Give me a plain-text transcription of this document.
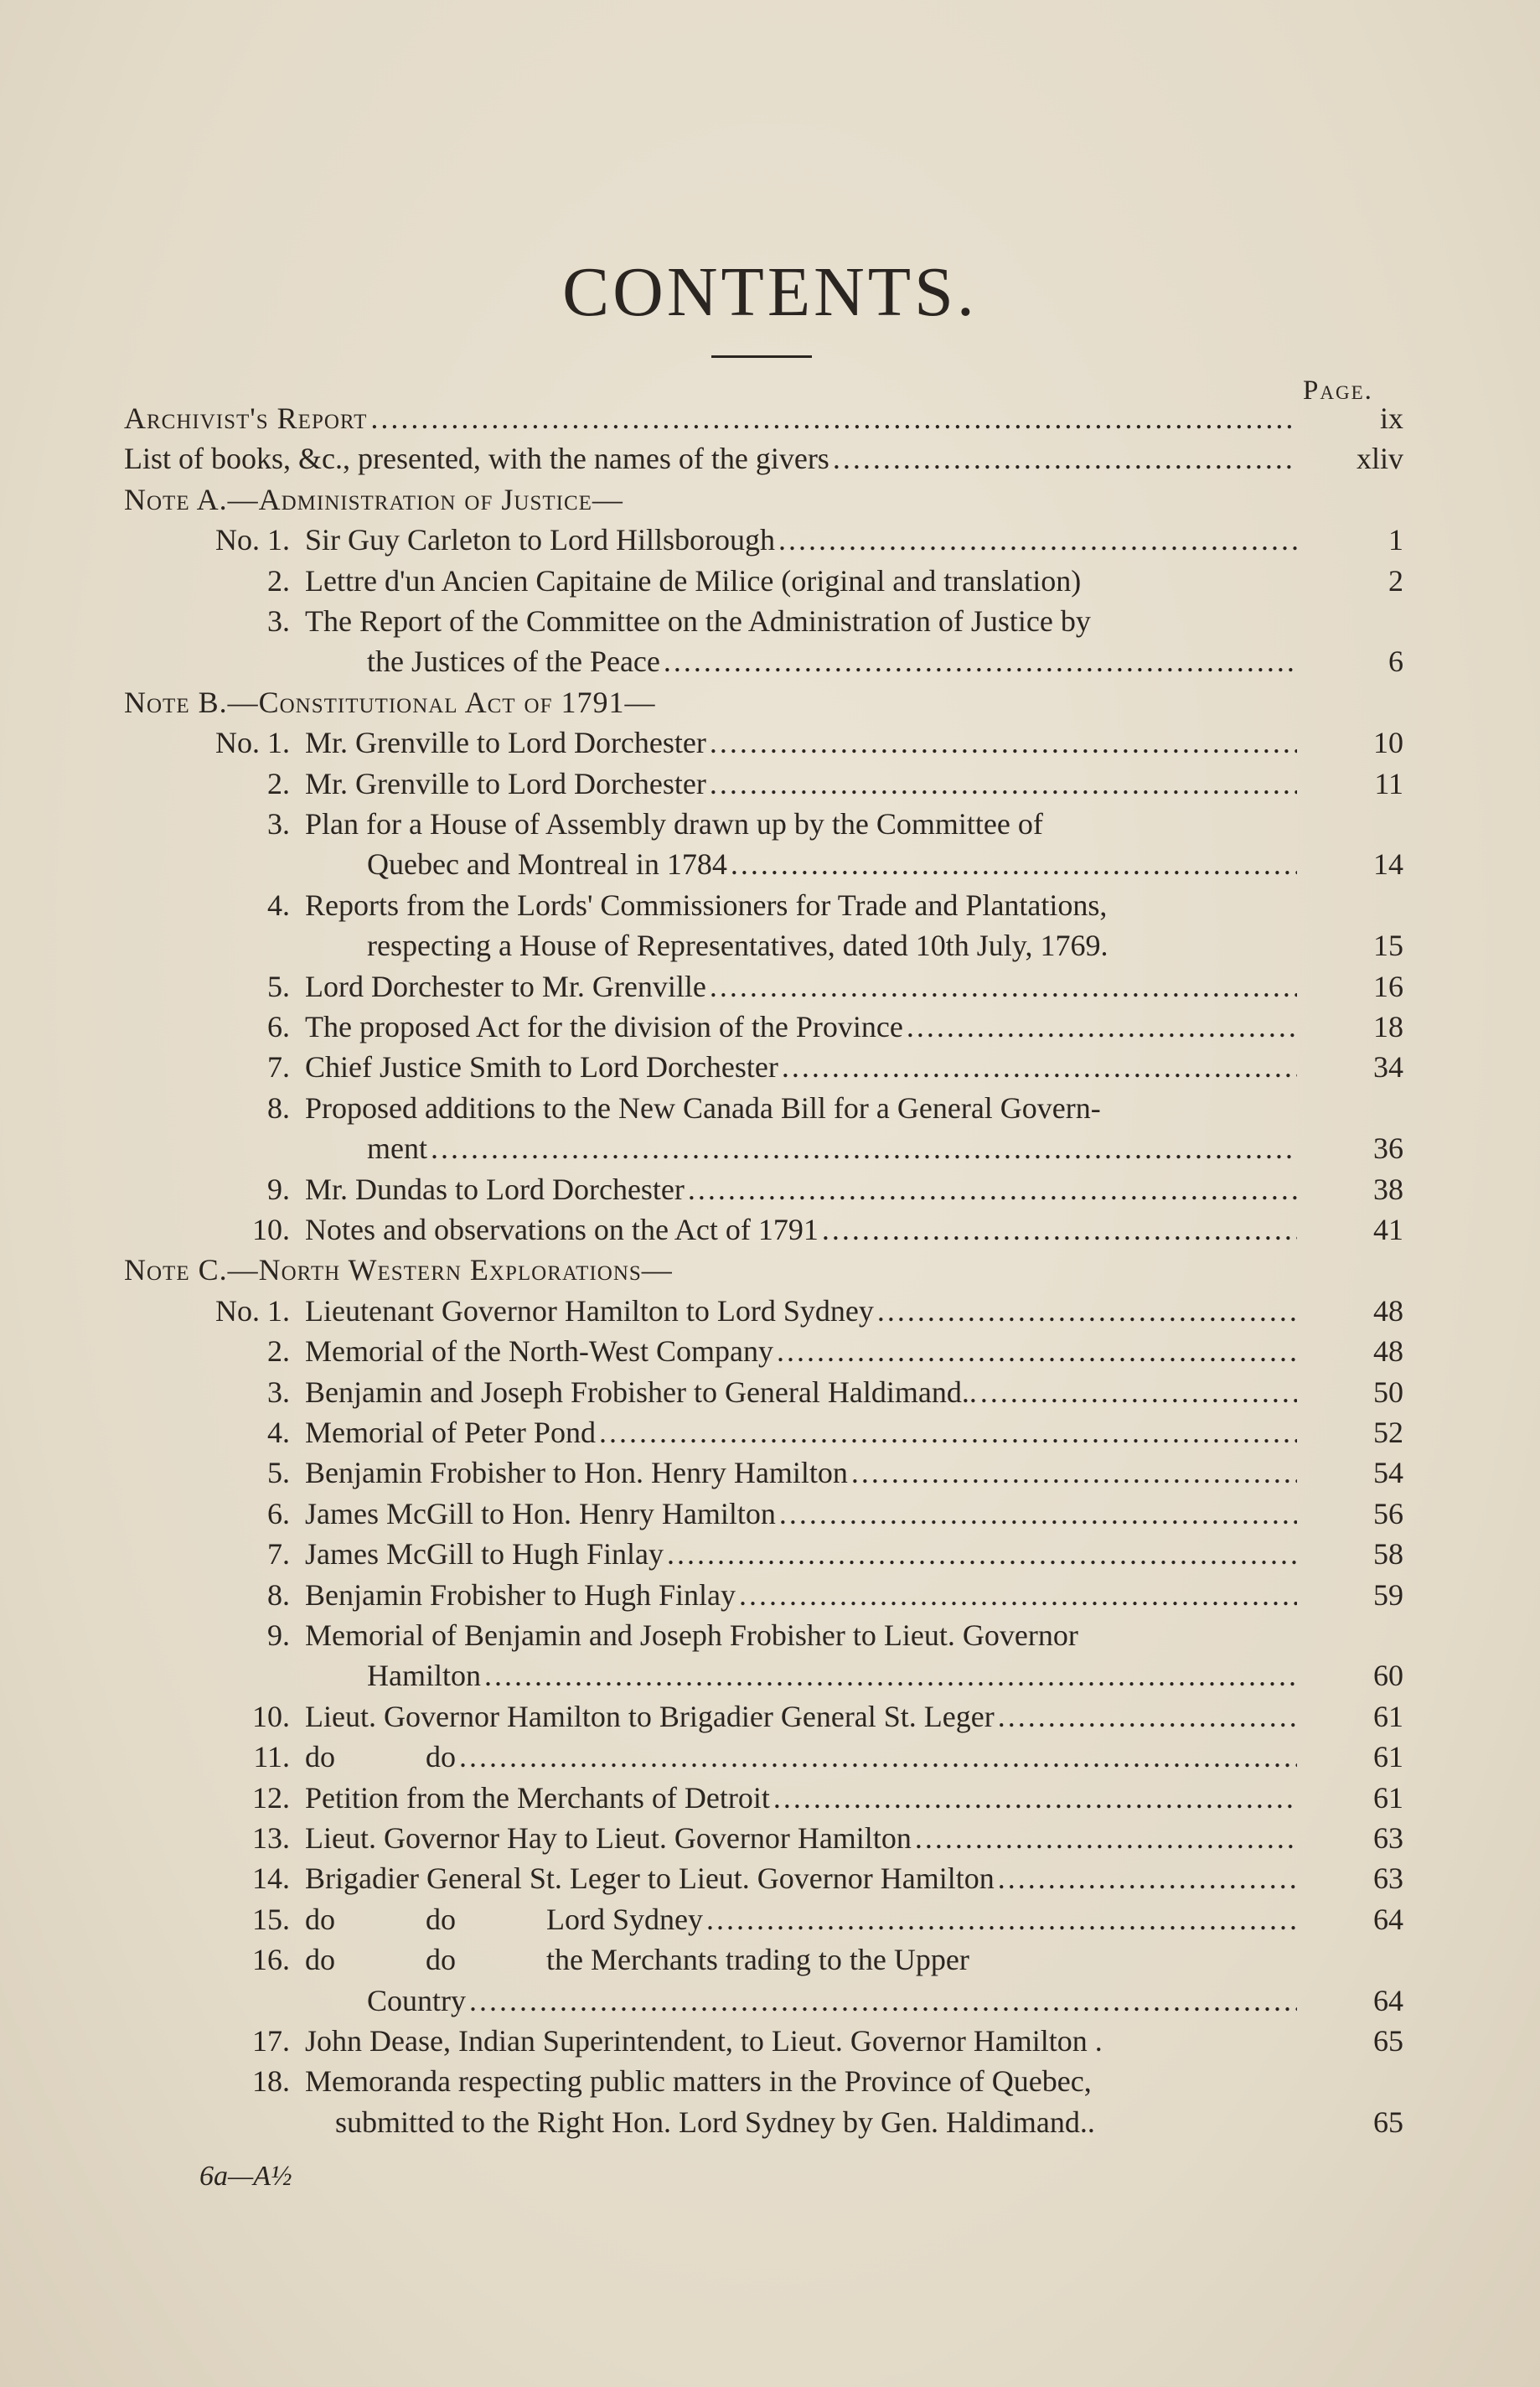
CONTENTS.
Page.
Archivist's Report .....	ix
List of books, &c., presented, with the names of the givers .....	xliv
Note A.—Administration of Justice—
No. 1. Sir Guy Carleton to Lord Hillsborough .....	1
2. Lettre d'un Ancien Capitaine de Milice (original and translation)	2
3. The Report of the Committee on the Administration of Justice by
the Justices of the Peace .....	6
Note B.—Constitutional Act of 1791—
No. 1. Mr. Grenville to Lord Dorchester .....	10
2. Mr. Grenville to Lord Dorchester .....	11
3. Plan for a House of Assembly drawn up by the Committee of
Quebec and Montreal in 1784 .....	14
4. Reports from the Lords' Commissioners for Trade and Plantations,
respecting a House of Representatives, dated 10th July, 1769.	15
5. Lord Dorchester to Mr. Grenville .....	16
6. The proposed Act for the division of the Province .....	18
7. Chief Justice Smith to Lord Dorchester .....	34
8. Proposed additions to the New Canada Bill for a General Govern-
ment .....	36
9. Mr. Dundas to Lord Dorchester .....	38
10. Notes and observations on the Act of 1791 .....	41
Note C.—North Western Explorations—
No. 1. Lieutenant Governor Hamilton to Lord Sydney .....	48
2. Memorial of the North-West Company .....	48
3. Benjamin and Joseph Frobisher to General Haldimand.. .....	50
4. Memorial of Peter Pond .....	52
5. Benjamin Frobisher to Hon. Henry Hamilton .....	54
6. James McGill to Hon. Henry Hamilton .....	56
7. James McGill to Hugh Finlay .....	58
8. Benjamin Frobisher to Hugh Finlay .....	59
9. Memorial of Benjamin and Joseph Frobisher to Lieut. Governor
Hamilton .....	60
10. Lieut. Governor Hamilton to Brigadier General St. Leger .....	61
11. do            do .....	61
12. Petition from the Merchants of Detroit .....	61
13. Lieut. Governor Hay to Lieut. Governor Hamilton .....	63
14. Brigadier General St. Leger to Lieut. Governor Hamilton .....	63
15. do            do            Lord Sydney .....	64
16. do            do            the Merchants trading to the Upper
Country .....	64
17. John Dease, Indian Superintendent, to Lieut. Governor Hamilton .	65
18. Memoranda respecting public matters in the Province of Quebec,
submitted to the Right Hon. Lord Sydney by Gen. Haldimand..	65
6a—A½
